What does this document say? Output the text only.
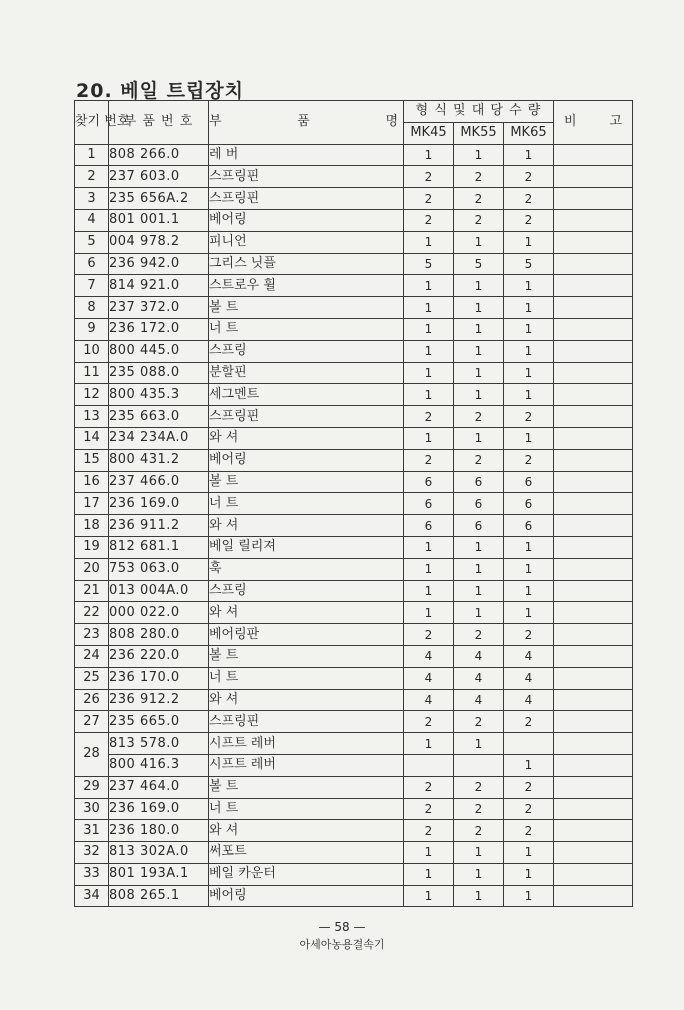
20. 베일 트립장치
찾기 번호	부 품 번 호	부 품 명	형 식 및 대 당 수 량			비 고

			MK45	MK55	MK65	
1	808 266.0	레 버	1	1	1	
2	237 603.0	스프링핀	2	2	2	
3	235 656A.2	스프링핀	2	2	2	
4	801 001.1	베어링	2	2	2	
5	004 978.2	피니언	1	1	1	
6	236 942.0	그리스 닛플	5	5	5	
7	814 921.0	스트로우 휠	1	1	1	
8	237 372.0	볼 트	1	1	1	
9	236 172.0	너 트	1	1	1	
10	800 445.0	스프링	1	1	1	
11	235 088.0	분할핀	1	1	1	
12	800 435.3	세그멘트	1	1	1	
13	235 663.0	스프링핀	2	2	2	
14	234 234A.0	와 셔	1	1	1	
15	800 431.2	베어링	2	2	2	
16	237 466.0	볼 트	6	6	6	
17	236 169.0	너 트	6	6	6	
18	236 911.2	와 셔	6	6	6	
19	812 681.1	베일 릴리져	1	1	1	
20	753 063.0	훅	1	1	1	
21	013 004A.0	스프링	1	1	1	
22	000 022.0	와 셔	1	1	1	
23	808 280.0	베어링판	2	2	2	
24	236 220.0	볼 트	4	4	4	
25	236 170.0	너 트	4	4	4	
26	236 912.2	와 셔	4	4	4	
27	235 665.0	스프링핀	2	2	2	
28	813 578.0	시프트 레버	1	1		
	800 416.3	시프트 레버			1	
29	237 464.0	볼 트	2	2	2	
30	236 169.0	너 트	2	2	2	
31	236 180.0	와 셔	2	2	2	
32	813 302A.0	써포트	1	1	1	
33	801 193A.1	베일 카운터	1	1	1	
34	808 265.1	베어링	1	1	1	
— 58 —
아세아농용결속기
